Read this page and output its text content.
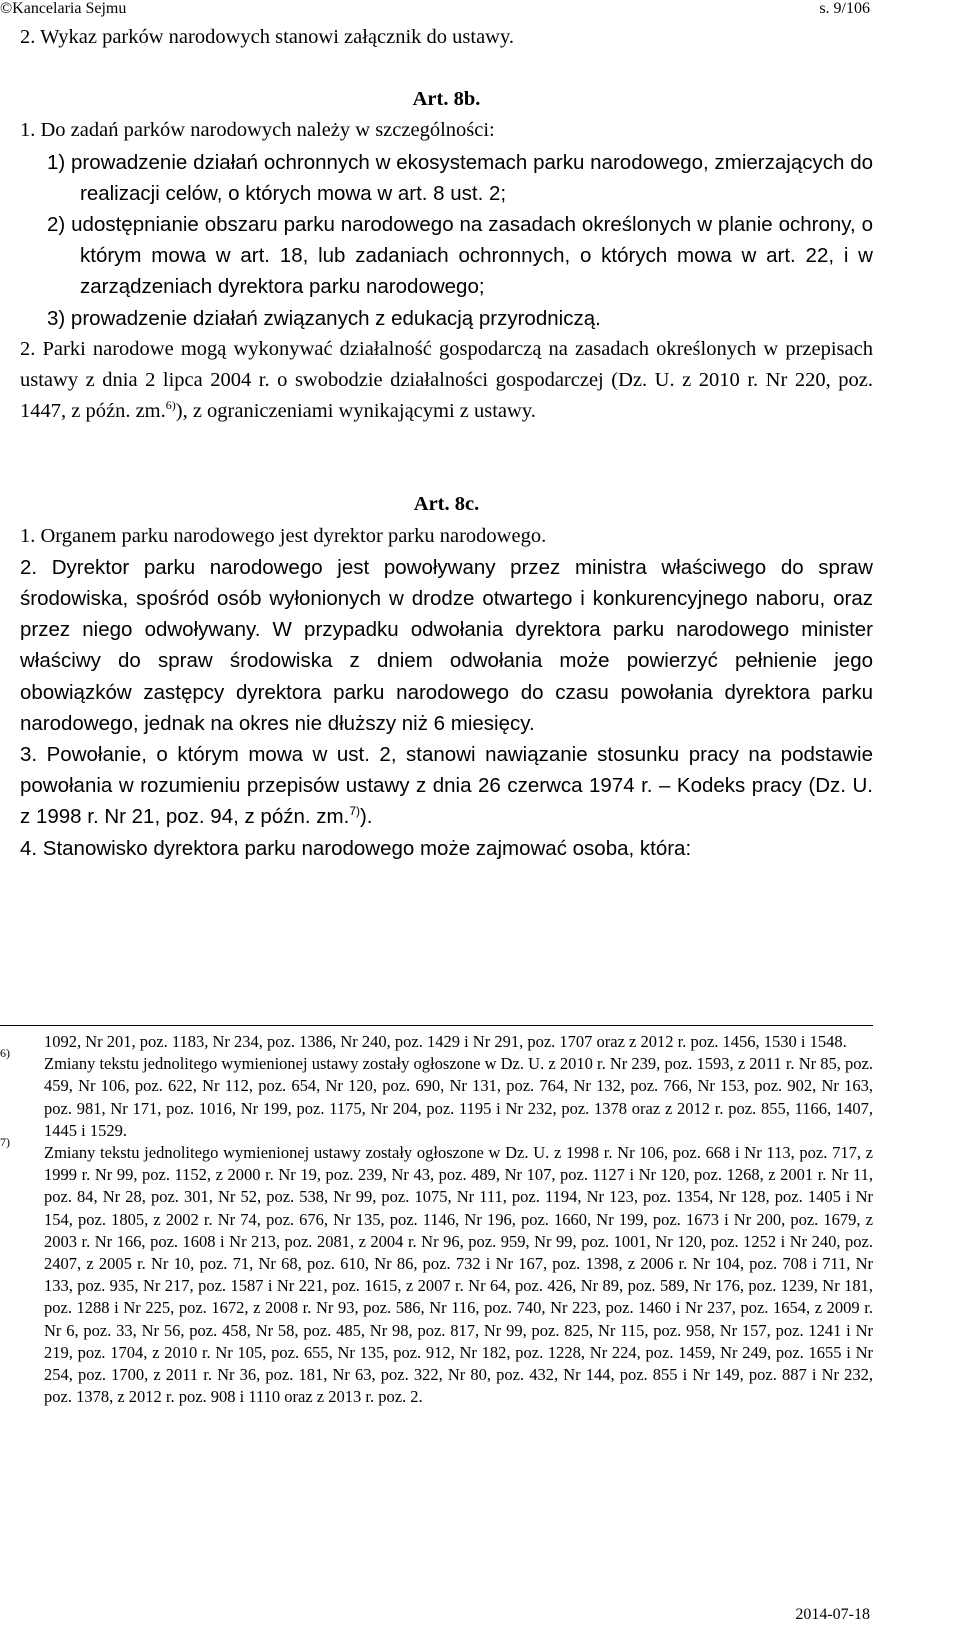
©Kancelaria Sejmu	s. 9/106

2. Wykaz parków narodowych stanowi załącznik do ustawy.

Art. 8b.

1. Do zadań parków narodowych należy w szczególności:

1) prowadzenie działań ochronnych w ekosystemach parku narodowego, zmierzających do realizacji celów, o których mowa w art. 8 ust. 2;

2) udostępnianie obszaru parku narodowego na zasadach określonych w planie ochrony, o którym mowa w art. 18, lub zadaniach ochronnych, o których mowa w art. 22, i w zarządzeniach dyrektora parku narodowego;

3) prowadzenie działań związanych z edukacją przyrodniczą.

2. Parki narodowe mogą wykonywać działalność gospodarczą na zasadach określonych w przepisach ustawy z dnia 2 lipca 2004 r. o swobodzie działalności gospodarczej (Dz. U. z 2010 r. Nr 220, poz. 1447, z późn. zm.$^{6)}$), z ograniczeniami wynikającymi z ustawy.

Art. 8c.

1. Organem parku narodowego jest dyrektor parku narodowego.

2. Dyrektor parku narodowego jest powoływany przez ministra właściwego do spraw środowiska, spośród osób wyłonionych w drodze otwartego i konkurencyjnego naboru, oraz przez niego odwoływany. W przypadku odwołania dyrektora parku narodowego minister właściwy do spraw środowiska z dniem odwołania może powierzyć pełnienie jego obowiązków zastępcy dyrektora parku narodowego do czasu powołania dyrektora parku narodowego, jednak na okres nie dłuższy niż 6 miesięcy.

3. Powołanie, o którym mowa w ust. 2, stanowi nawiązanie stosunku pracy na podstawie powołania w rozumieniu przepisów ustawy z dnia 26 czerwca 1974 r. – Kodeks pracy (Dz. U. z 1998 r. Nr 21, poz. 94, z późn. zm.$^{7)}$).

4. Stanowisko dyrektora parku narodowego może zajmować osoba, która:

1092, Nr 201, poz. 1183, Nr 234, poz. 1386, Nr 240, poz. 1429 i Nr 291, poz. 1707 oraz z 2012 r. poz. 1456, 1530 i 1548.

6)
Zmiany tekstu jednolitego wymienionej ustawy zostały ogłoszone w Dz. U. z 2010 r. Nr 239, poz. 1593, z 2011 r. Nr 85, poz. 459, Nr 106, poz. 622, Nr 112, poz. 654, Nr 120, poz. 690, Nr 131, poz. 764, Nr 132, poz. 766, Nr 153, poz. 902, Nr 163, poz. 981, Nr 171, poz. 1016, Nr 199, poz. 1175, Nr 204, poz. 1195 i Nr 232, poz. 1378 oraz z 2012 r. poz. 855, 1166, 1407, 1445 i 1529.

7)
Zmiany tekstu jednolitego wymienionej ustawy zostały ogłoszone w Dz. U. z 1998 r. Nr 106, poz. 668 i Nr 113, poz. 717, z 1999 r. Nr 99, poz. 1152, z 2000 r. Nr 19, poz. 239, Nr 43, poz. 489, Nr 107, poz. 1127 i Nr 120, poz. 1268, z 2001 r. Nr 11, poz. 84, Nr 28, poz. 301, Nr 52, poz. 538, Nr 99, poz. 1075, Nr 111, poz. 1194, Nr 123, poz. 1354, Nr 128, poz. 1405 i Nr 154, poz. 1805, z 2002 r. Nr 74, poz. 676, Nr 135, poz. 1146, Nr 196, poz. 1660, Nr 199, poz. 1673 i Nr 200, poz. 1679, z 2003 r. Nr 166, poz. 1608 i Nr 213, poz. 2081, z 2004 r. Nr 96, poz. 959, Nr 99, poz. 1001, Nr 120, poz. 1252 i Nr 240, poz. 2407, z 2005 r. Nr 10, poz. 71, Nr 68, poz. 610, Nr 86, poz. 732 i Nr 167, poz. 1398, z 2006 r. Nr 104, poz. 708 i 711, Nr 133, poz. 935, Nr 217, poz. 1587 i Nr 221, poz. 1615, z 2007 r. Nr 64, poz. 426, Nr 89, poz. 589, Nr 176, poz. 1239, Nr 181, poz. 1288 i Nr 225, poz. 1672, z 2008 r. Nr 93, poz. 586, Nr 116, poz. 740, Nr 223, poz. 1460 i Nr 237, poz. 1654, z 2009 r. Nr 6, poz. 33, Nr 56, poz. 458, Nr 58, poz. 485, Nr 98, poz. 817, Nr 99, poz. 825, Nr 115, poz. 958, Nr 157, poz. 1241 i Nr 219, poz. 1704, z 2010 r. Nr 105, poz. 655, Nr 135, poz. 912, Nr 182, poz. 1228, Nr 224, poz. 1459, Nr 249, poz. 1655 i Nr 254, poz. 1700, z 2011 r. Nr 36, poz. 181, Nr 63, poz. 322, Nr 80, poz. 432, Nr 144, poz. 855 i Nr 149, poz. 887 i Nr 232, poz. 1378, z 2012 r. poz. 908 i 1110 oraz z 2013 r. poz. 2.

2014-07-18
